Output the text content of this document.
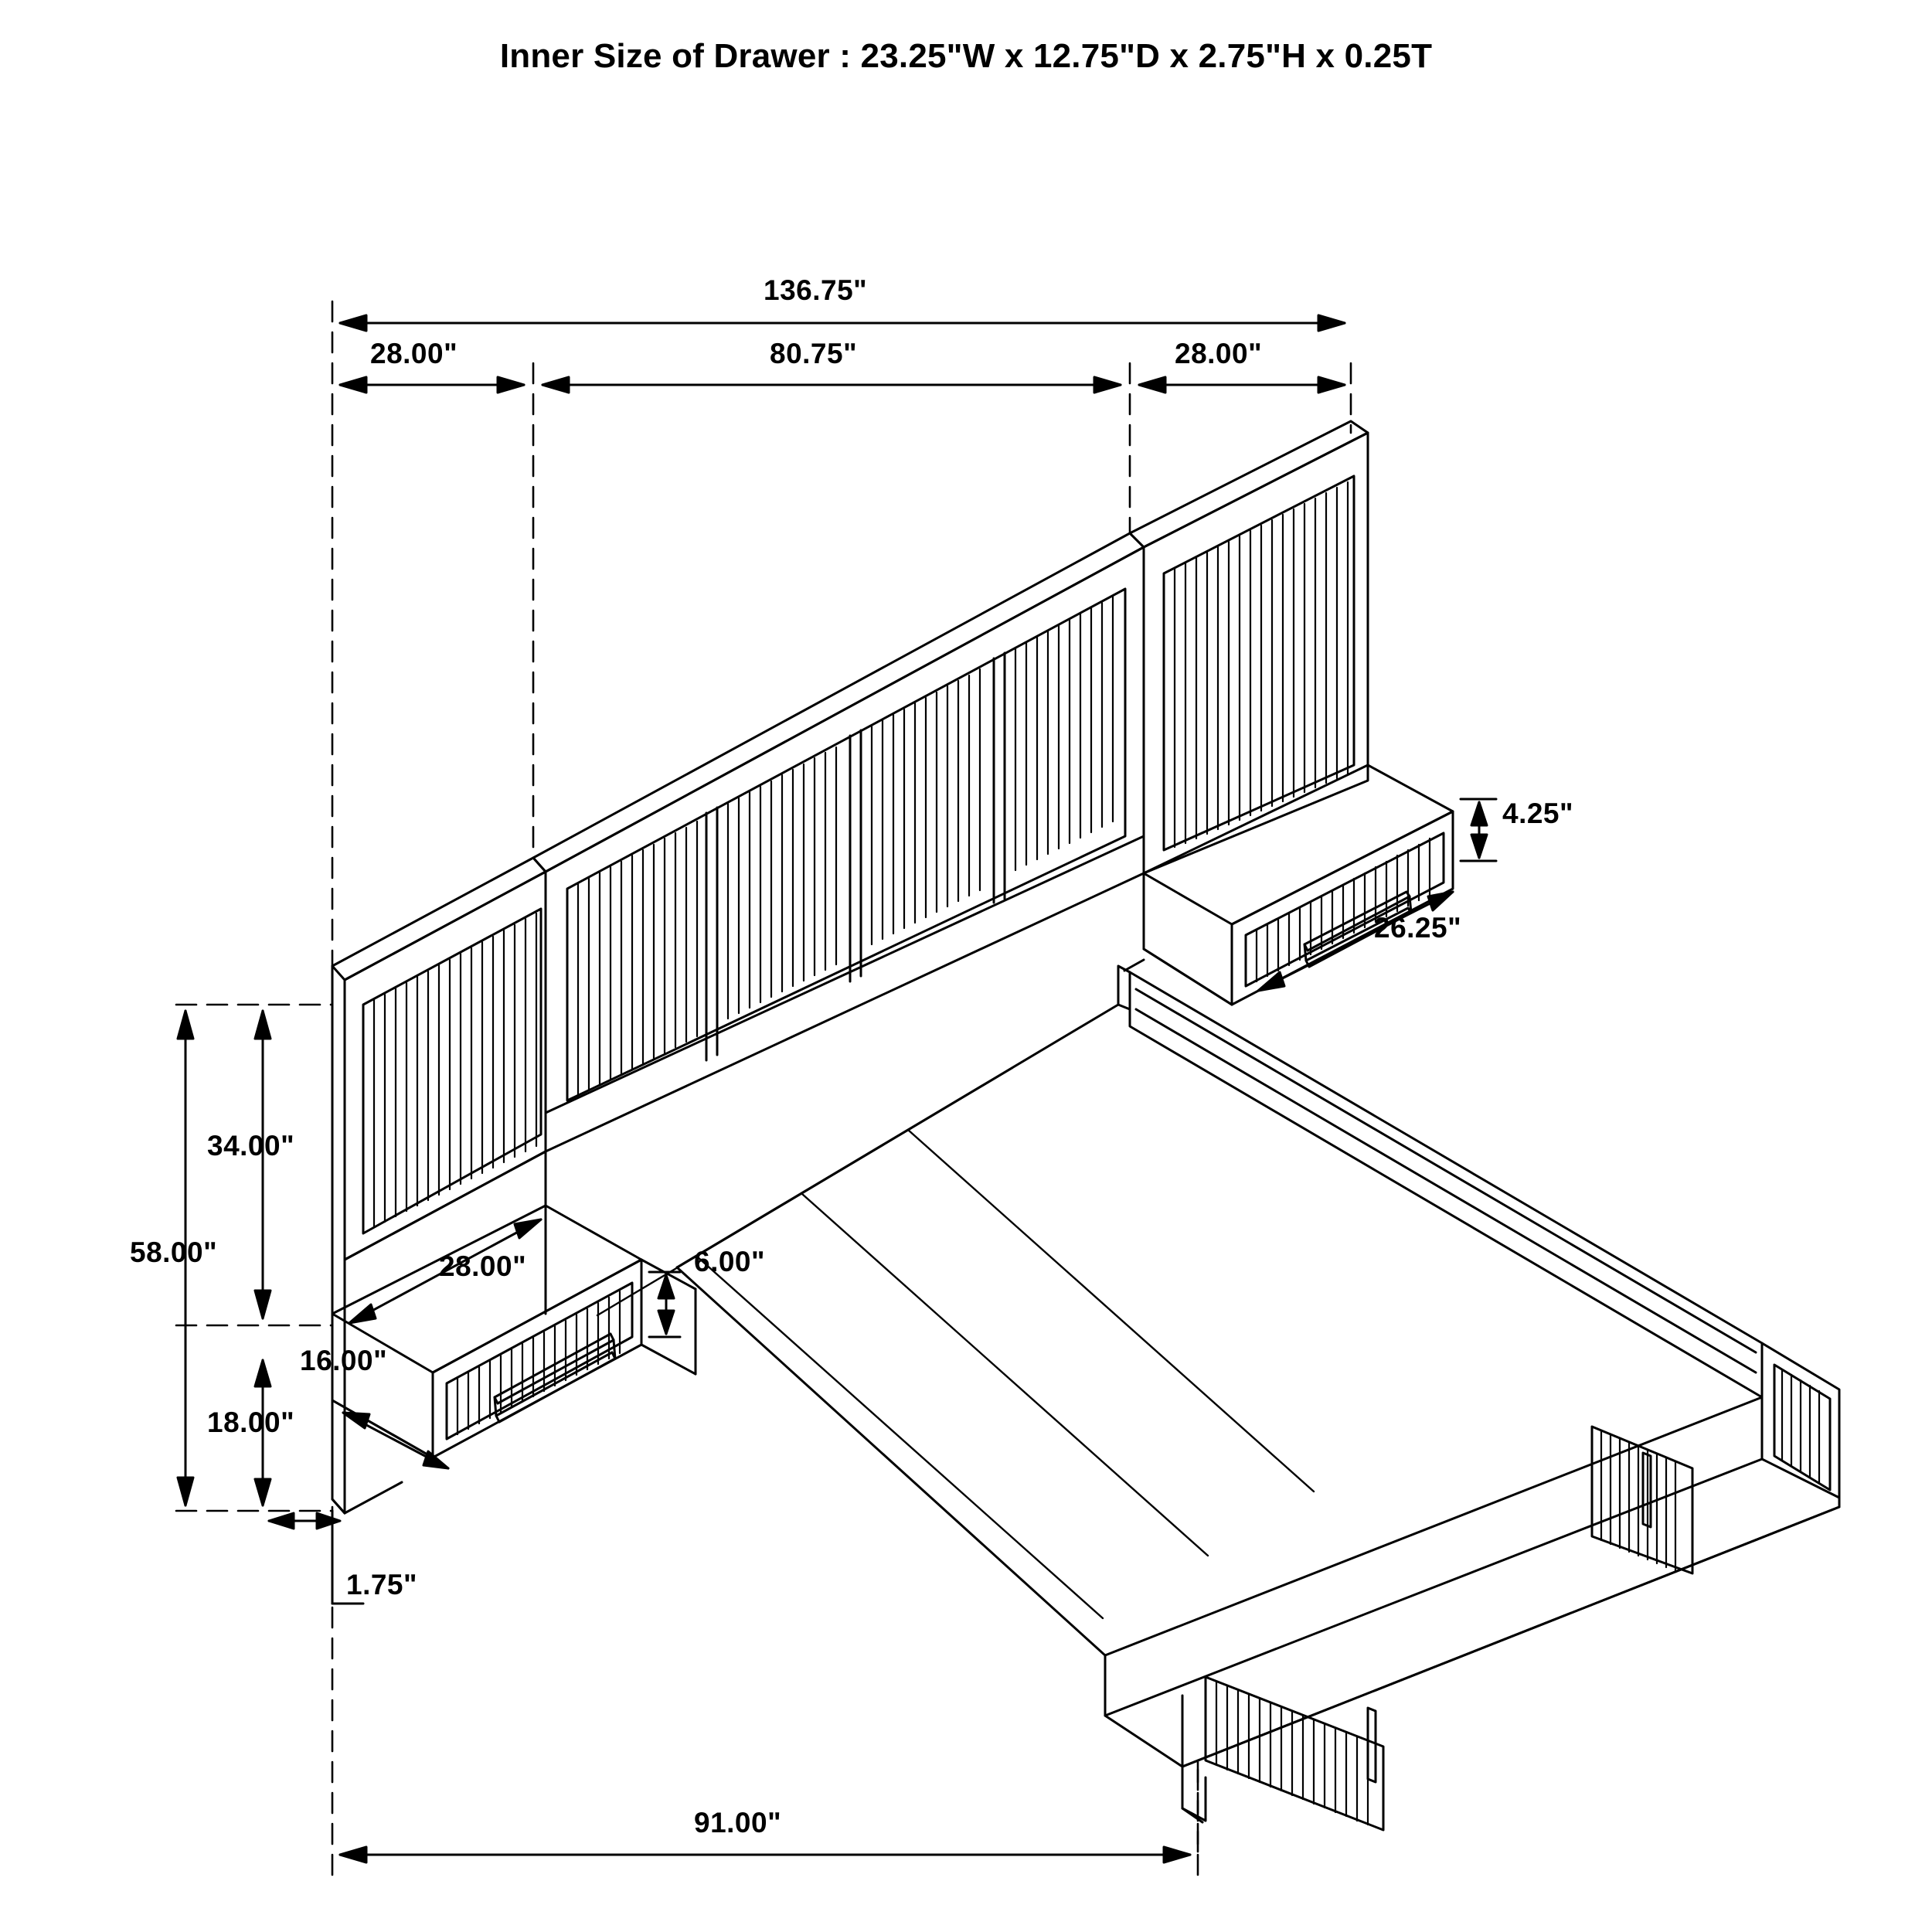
Inner Size of Drawer : 23.25"W x 12.75"D x 2.75"H x 0.25T
136.75"
28.00"	80.75"	28.00"
4.25"
26.25"
34.00"
58.00"	28.00"	6.00"
16.00"
18.00"
1.75"
91.00"
